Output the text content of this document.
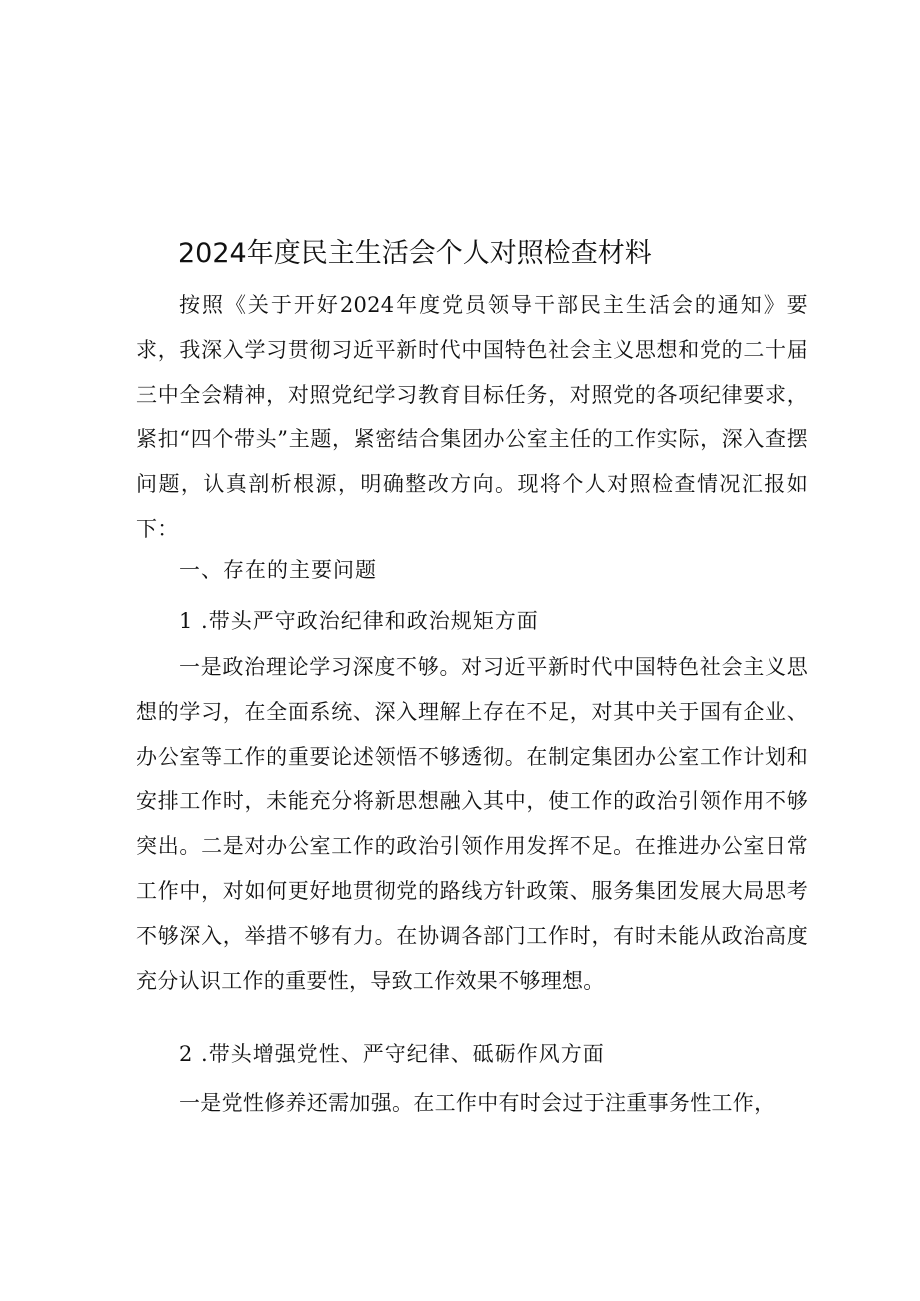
2024年度民主生活会个人对照检查材料

按照《关于开好2024年度党员领导干部民主生活会的通知》要求，我深入学习贯彻习近平新时代中国特色社会主义思想和党的二十届三中全会精神，对照党纪学习教育目标任务，对照党的各项纪律要求，紧扣“四个带头”主题，紧密结合集团办公室主任的工作实际，深入查摆问题，认真剖析根源，明确整改方向。现将个人对照检查情况汇报如下：

一、存在的主要问题

1 .带头严守政治纪律和政治规矩方面

一是政治理论学习深度不够。对习近平新时代中国特色社会主义思想的学习，在全面系统、深入理解上存在不足，对其中关于国有企业、办公室等工作的重要论述领悟不够透彻。在制定集团办公室工作计划和安排工作时，未能充分将新思想融入其中，使工作的政治引领作用不够突出。二是对办公室工作的政治引领作用发挥不足。在推进办公室日常工作中，对如何更好地贯彻党的路线方针政策、服务集团发展大局思考不够深入，举措不够有力。在协调各部门工作时，有时未能从政治高度充分认识工作的重要性，导致工作效果不够理想。

2 .带头增强党性、严守纪律、砥砺作风方面

一是党性修养还需加强。在工作中有时会过于注重事务性工作，
